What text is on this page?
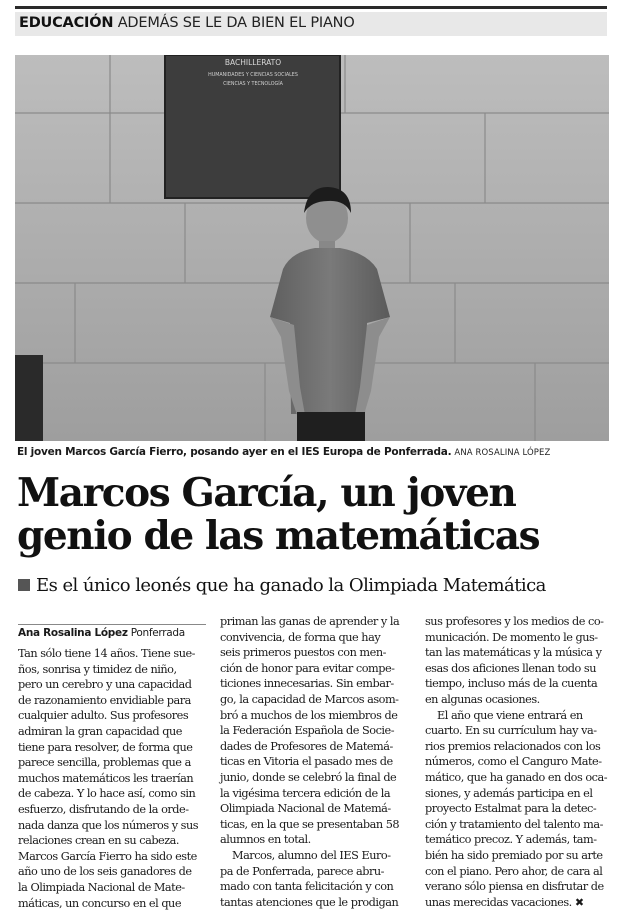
EDUCACIÓN ADEMÁS SE LE DA BIEN EL PIANO
BACHILLERATO
HUMANIDADES Y CIENCIAS SOCIALES
CIENCIAS Y TECNOLOGÍA
El joven Marcos García Fierro, posando ayer en el IES Europa de Ponferrada. ANA ROSALINA LÓPEZ
Marcos García, un joven
genio de las matemáticas
Es el único leonés que ha ganado la Olimpiada Matemática
Ana Rosalina López Ponferrada
Tan sólo tiene 14 años. Tiene sue-
ños, sonrisa y timidez de niño,
pero un cerebro y una capacidad
de razonamiento envidiable para
cualquier adulto. Sus profesores
admiran la gran capacidad que
tiene para resolver, de forma que
parece sencilla, problemas que a
muchos matemáticos les traerían
de cabeza. Y lo hace así, como sin
esfuerzo, disfrutando de la orde-
nada danza que los números y sus
relaciones crean en su cabeza.
Marcos García Fierro ha sido este
año uno de los seis ganadores de
la Olimpiada Nacional de Mate-
máticas, un concurso en el que
priman las ganas de aprender y la
convivencia, de forma que hay
seis primeros puestos con men-
ción de honor para evitar compe-
ticiones innecesarias. Sin embar-
go, la capacidad de Marcos asom-
bró a muchos de los miembros de
la Federación Española de Socie-
dades de Profesores de Matemá-
ticas en Vitoria el pasado mes de
junio, donde se celebró la final de
la vigésima tercera edición de la
Olimpiada Nacional de Matemá-
ticas, en la que se presentaban 58
alumnos en total.
Marcos, alumno del IES Euro-
pa de Ponferrada, parece abru-
mado con tanta felicitación y con
tantas atenciones que le prodigan
sus profesores y los medios de co-
municación. De momento le gus-
tan las matemáticas y la música y
esas dos aficiones llenan todo su
tiempo, incluso más de la cuenta
en algunas ocasiones.
El año que viene entrará en
cuarto. En su currículum hay va-
rios premios relacionados con los
números, como el Canguro Mate-
mático, que ha ganado en dos oca-
siones, y además participa en el
proyecto Estalmat para la detec-
ción y tratamiento del talento ma-
temático precoz. Y además, tam-
bién ha sido premiado por su arte
con el piano. Pero ahor, de cara al
verano sólo piensa en disfrutar de
unas merecidas vacaciones. ✖
